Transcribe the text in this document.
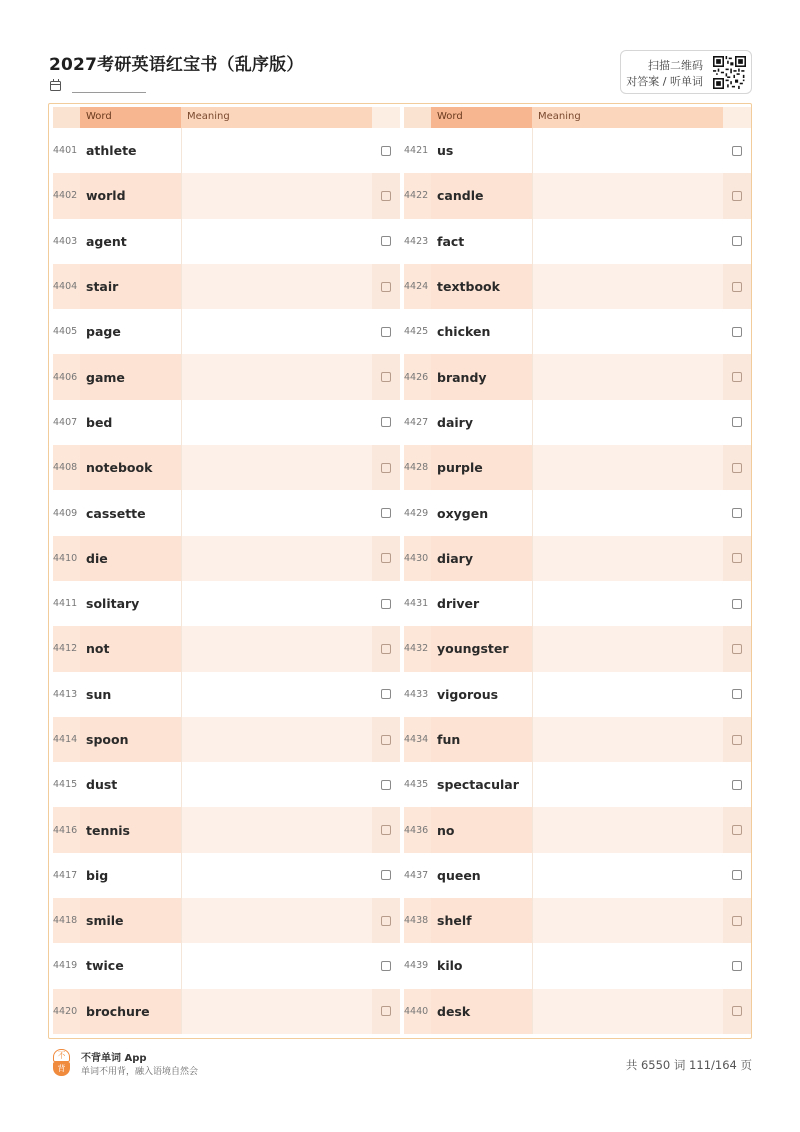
2027考研英语红宝书（乱序版）	扫描二维码
对答案 / 听单词
Word	Meaning
4401 athlete
4402 world
4403 agent
4404 stair
4405 page
4406 game
4407 bed
4408 notebook
4409 cassette
4410 die
4411 solitary
4412 not
4413 sun
4414 spoon
4415 dust
4416 tennis
4417 big
4418 smile
4419 twice
4420 brochure
Word	Meaning
4421 us
4422 candle
4423 fact
4424 textbook
4425 chicken
4426 brandy
4427 dairy
4428 purple
4429 oxygen
4430 diary
4431 driver
4432 youngster
4433 vigorous
4434 fun
4435 spectacular
4436 no
4437 queen
4438 shelf
4439 kilo
4440 desk
不
背
不背单词 App
单词不用背，融入语境自然会	共 6550 词 111/164 页
